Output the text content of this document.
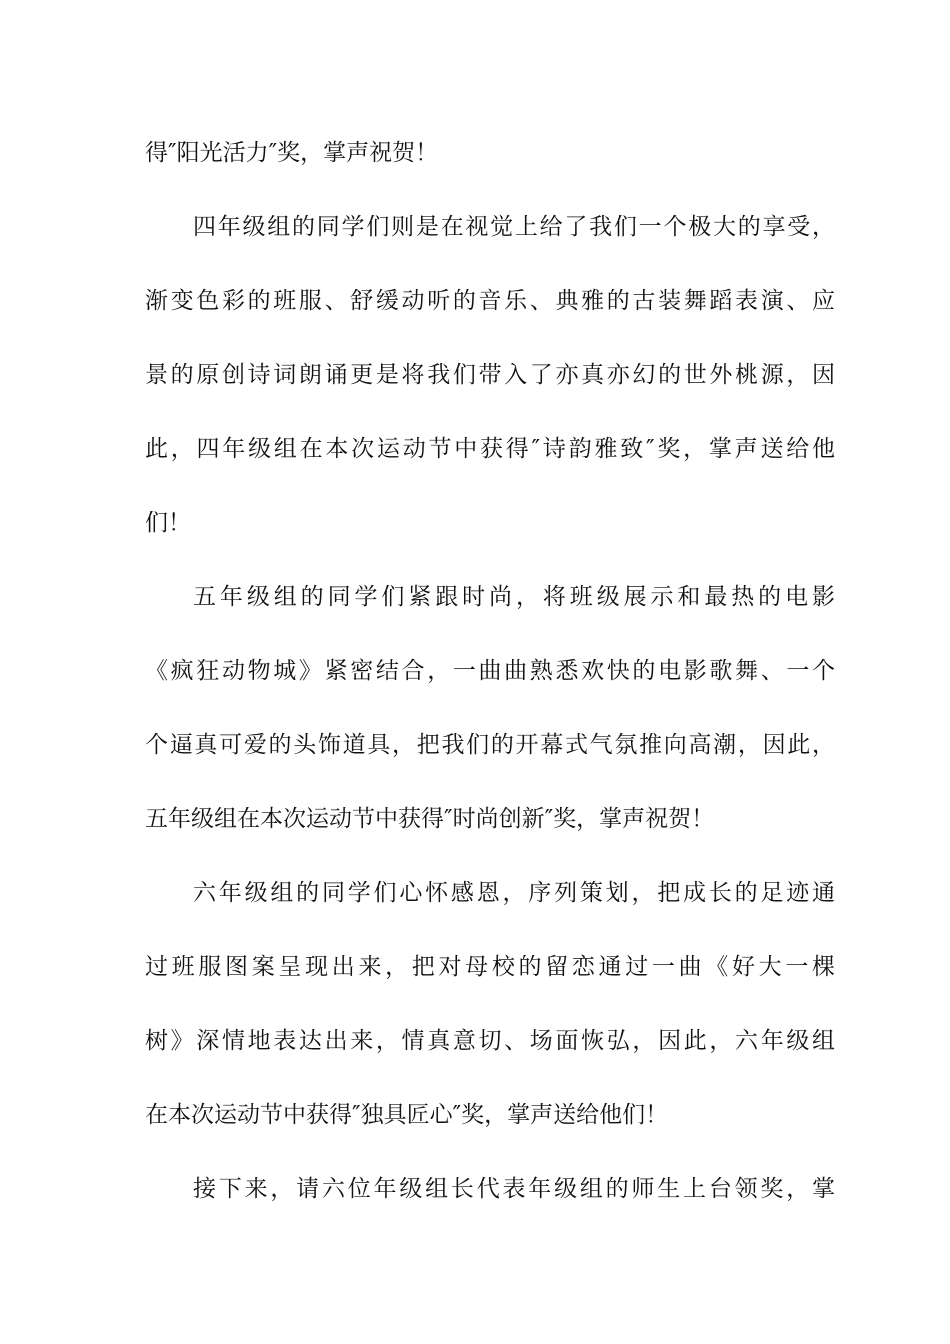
得″阳光活力″奖，掌声祝贺！
四年级组的同学们则是在视觉上给了我们一个极大的享受，
渐变色彩的班服、舒缓动听的音乐、典雅的古装舞蹈表演、应
景的原创诗词朗诵更是将我们带入了亦真亦幻的世外桃源，因
此，四年级组在本次运动节中获得″诗韵雅致″奖，掌声送给他
们！
五年级组的同学们紧跟时尚，将班级展示和最热的电影
《疯狂动物城》紧密结合，一曲曲熟悉欢快的电影歌舞、一个
个逼真可爱的头饰道具，把我们的开幕式气氛推向高潮，因此，
五年级组在本次运动节中获得″时尚创新″奖，掌声祝贺！
六年级组的同学们心怀感恩，序列策划，把成长的足迹通
过班服图案呈现出来，把对母校的留恋通过一曲《好大一棵
树》深情地表达出来，情真意切、场面恢弘，因此，六年级组
在本次运动节中获得″独具匠心″奖，掌声送给他们！
接下来，请六位年级组长代表年级组的师生上台领奖，掌
